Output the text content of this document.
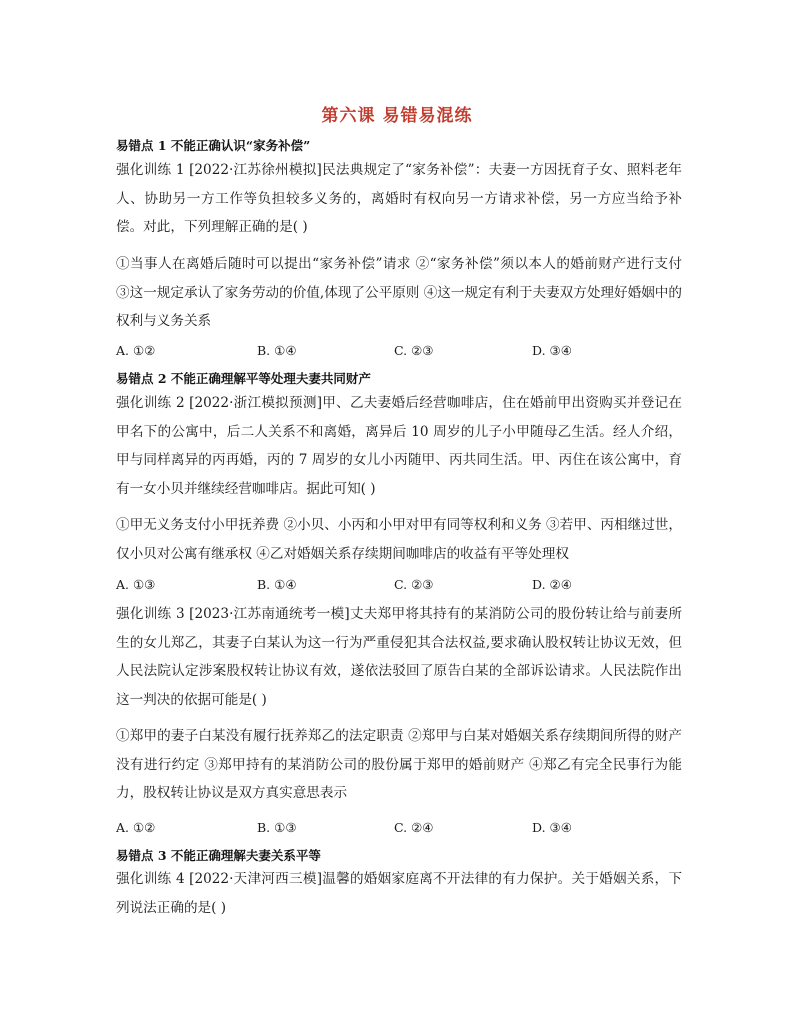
第六课 易错易混练
易错点 1 不能正确认识“家务补偿”
强化训练 1 [2022·江苏徐州模拟]民法典规定了“家务补偿”：夫妻一方因抚育子女、照料老年人、协助另一方工作等负担较多义务的，离婚时有权向另一方请求补偿，另一方应当给予补偿。对此，下列理解正确的是( )
①当事人在离婚后随时可以提出“家务补偿”请求 ②“家务补偿”须以本人的婚前财产进行支付 ③这一规定承认了家务劳动的价值,体现了公平原则 ④这一规定有利于夫妻双方处理好婚姻中的权利与义务关系
A. ①②	B. ①④	C. ②③	D. ③④
易错点 2 不能正确理解平等处理夫妻共同财产
强化训练 2 [2022·浙江模拟预测]甲、乙夫妻婚后经营咖啡店，住在婚前甲出资购买并登记在甲名下的公寓中，后二人关系不和离婚，离异后 10 周岁的儿子小甲随母乙生活。经人介绍，甲与同样离异的丙再婚，丙的 7 周岁的女儿小丙随甲、丙共同生活。甲、丙住在该公寓中，育有一女小贝并继续经营咖啡店。据此可知( )
①甲无义务支付小甲抚养费 ②小贝、小丙和小甲对甲有同等权利和义务 ③若甲、丙相继过世，仅小贝对公寓有继承权 ④乙对婚姻关系存续期间咖啡店的收益有平等处理权
A. ①③	B. ①④	C. ②③	D. ②④
强化训练 3 [2023·江苏南通统考一模]丈夫郑甲将其持有的某消防公司的股份转让给与前妻所生的女儿郑乙，其妻子白某认为这一行为严重侵犯其合法权益,要求确认股权转让协议无效，但人民法院认定涉案股权转让协议有效，遂依法驳回了原告白某的全部诉讼请求。人民法院作出这一判决的依据可能是( )
①郑甲的妻子白某没有履行抚养郑乙的法定职责 ②郑甲与白某对婚姻关系存续期间所得的财产没有进行约定 ③郑甲持有的某消防公司的股份属于郑甲的婚前财产 ④郑乙有完全民事行为能力，股权转让协议是双方真实意思表示
A. ①②	B. ①③	C. ②④	D. ③④
易错点 3 不能正确理解夫妻关系平等
强化训练 4 [2022·天津河西三模]温馨的婚姻家庭离不开法律的有力保护。关于婚姻关系，下列说法正确的是( )
